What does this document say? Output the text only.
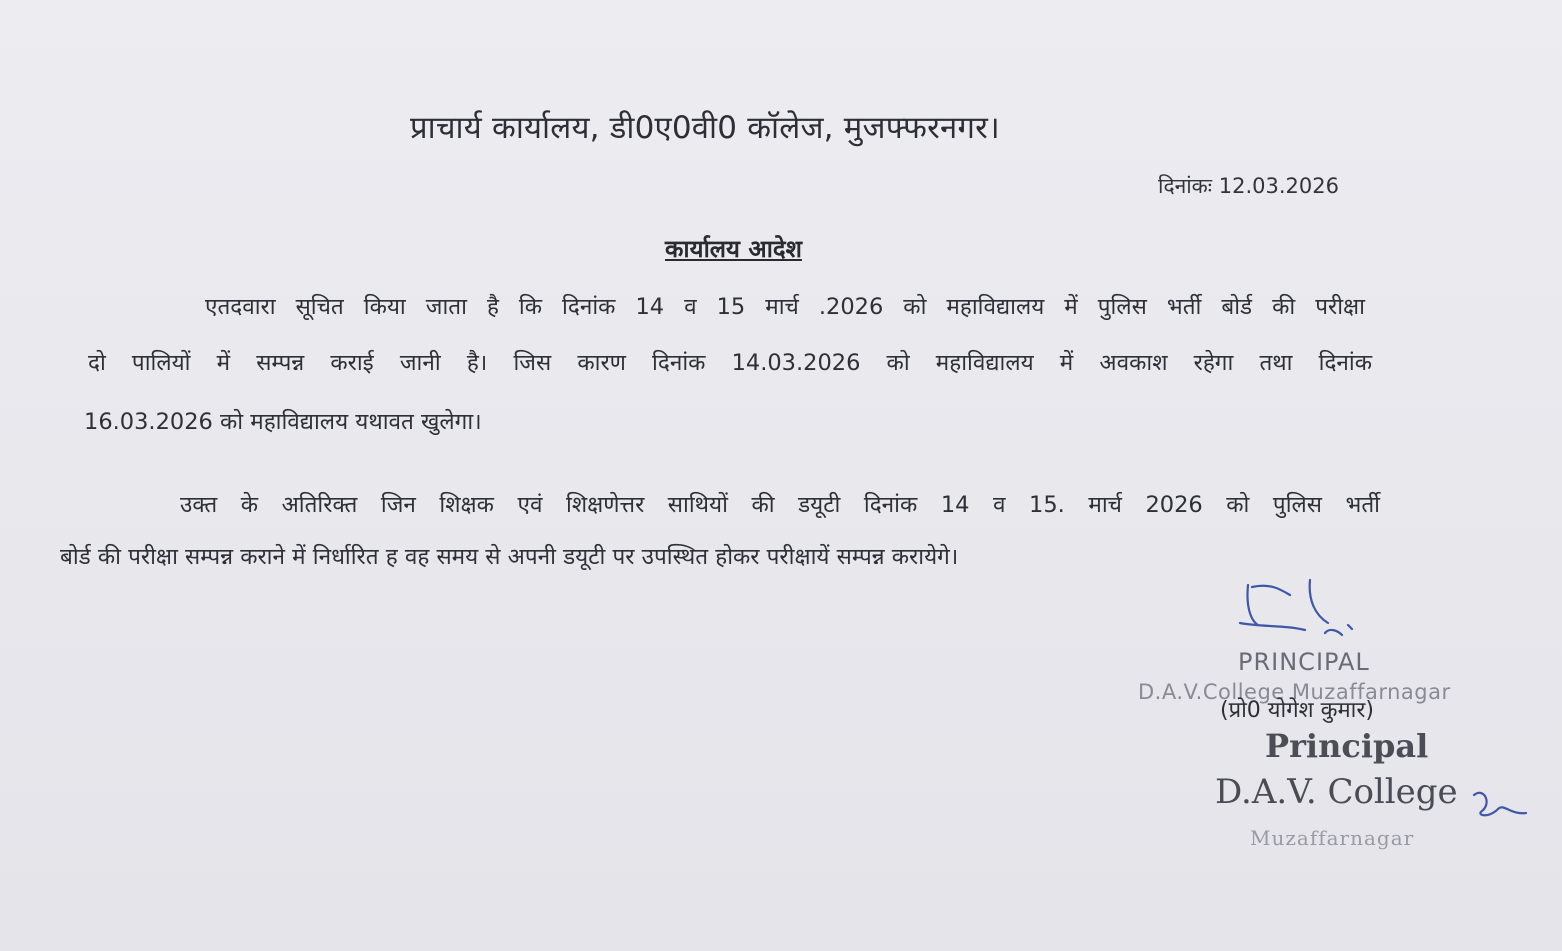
प्राचार्य कार्यालय, डी0ए0वी0 कॉलेज, मुजफ्फरनगर।
दिनांकः 12.03.2026
कार्यालय आदेश
एतदवारा सूचित किया जाता है कि दिनांक 14 व 15 मार्च .2026 को महाविद्यालय में पुलिस भर्ती बोर्ड की परीक्षा
दो पालियों में सम्पन्न कराई जानी है। जिस कारण दिनांक 14.03.2026 को महाविद्यालय में अवकाश रहेगा तथा दिनांक
16.03.2026 को महाविद्यालय यथावत खुलेगा।
उक्त के अतिरिक्त जिन शिक्षक एवं शिक्षणेत्तर साथियों की डयूटी दिनांक 14 व 15. मार्च 2026 को पुलिस भर्ती
बोर्ड की परीक्षा सम्पन्न कराने में निर्धारित ह वह समय से अपनी डयूटी पर उपस्थित होकर परीक्षायें सम्पन्न करायेगे।
PRINCIPAL
D.A.V.College Muzaffarnagar
(प्रो0 योगेश कुमार)
Principal
D.A.V. College
Muzaffarnagar
